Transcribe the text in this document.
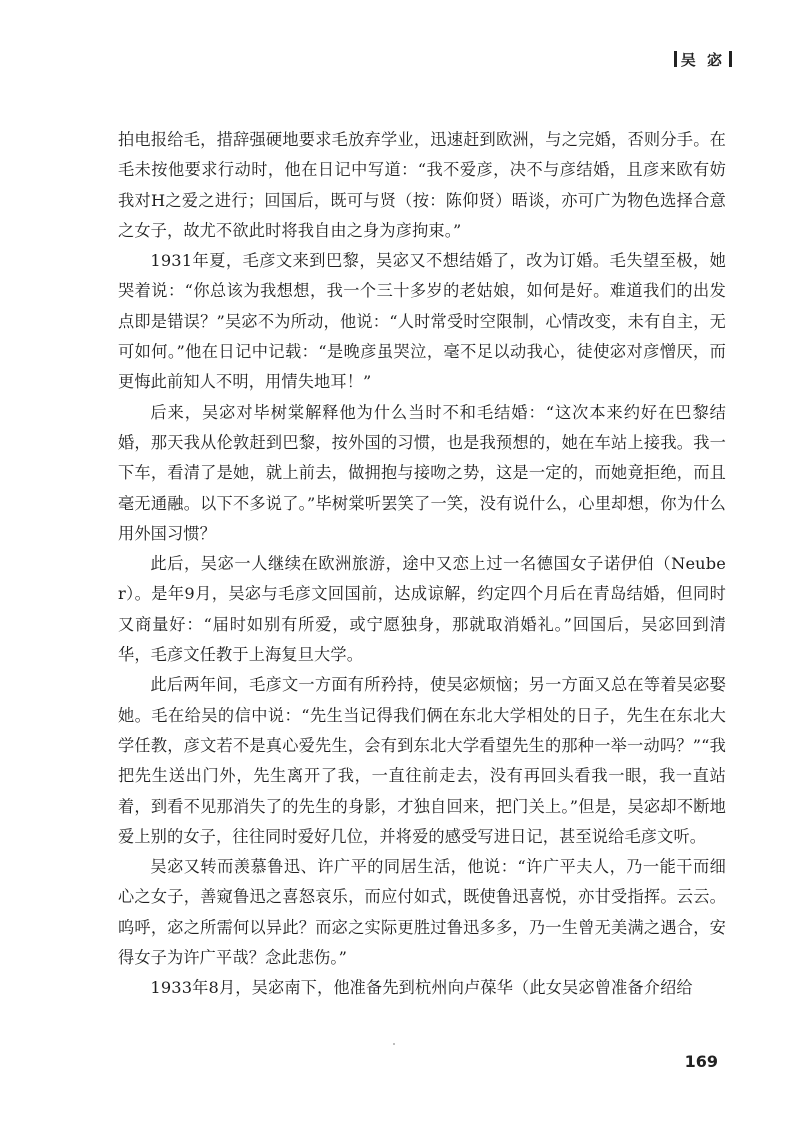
吴 宓

拍电报给毛，措辞强硬地要求毛放弃学业，迅速赶到欧洲，与之完婚，否则分手。在毛未按他要求行动时，他在日记中写道：“我不爱彦，决不与彦结婚，且彦来欧有妨我对H之爱之进行；回国后，既可与贤（按：陈仰贤）晤谈，亦可广为物色选择合意之女子，故尤不欲此时将我自由之身为彦拘束。”

1931年夏，毛彦文来到巴黎，吴宓又不想结婚了，改为订婚。毛失望至极，她哭着说：“你总该为我想想，我一个三十多岁的老姑娘，如何是好。难道我们的出发点即是错误？”吴宓不为所动，他说：“人时常受时空限制，心情改变，未有自主，无可如何。”他在日记中记载：“是晚彦虽哭泣，毫不足以动我心，徒使宓对彦憎厌，而更悔此前知人不明，用情失地耳！”

后来，吴宓对毕树棠解释他为什么当时不和毛结婚：“这次本来约好在巴黎结婚，那天我从伦敦赶到巴黎，按外国的习惯，也是我预想的，她在车站上接我。我一下车，看清了是她，就上前去，做拥抱与接吻之势，这是一定的，而她竟拒绝，而且毫无通融。以下不多说了。”毕树棠听罢笑了一笑，没有说什么，心里却想，你为什么用外国习惯？

此后，吴宓一人继续在欧洲旅游，途中又恋上过一名德国女子诺伊伯（Neuber）。是年9月，吴宓与毛彦文回国前，达成谅解，约定四个月后在青岛结婚，但同时又商量好：“届时如别有所爱，或宁愿独身，那就取消婚礼。”回国后，吴宓回到清华，毛彦文任教于上海复旦大学。

此后两年间，毛彦文一方面有所矜持，使吴宓烦恼；另一方面又总在等着吴宓娶她。毛在给吴的信中说：“先生当记得我们俩在东北大学相处的日子，先生在东北大学任教，彦文若不是真心爱先生，会有到东北大学看望先生的那种一举一动吗？”“我把先生送出门外，先生离开了我，一直往前走去，没有再回头看我一眼，我一直站着，到看不见那消失了的先生的身影，才独自回来，把门关上。”但是，吴宓却不断地爱上别的女子，往往同时爱好几位，并将爱的感受写进日记，甚至说给毛彦文听。

吴宓又转而羡慕鲁迅、许广平的同居生活，他说：“许广平夫人，乃一能干而细心之女子，善窥鲁迅之喜怒哀乐，而应付如式，既使鲁迅喜悦，亦甘受指挥。云云。呜呼，宓之所需何以异此？而宓之实际更胜过鲁迅多多，乃一生曾无美满之遇合，安得女子为许广平哉？念此悲伤。”

1933年8月，吴宓南下，他准备先到杭州向卢葆华（此女吴宓曾准备介绍给

169
